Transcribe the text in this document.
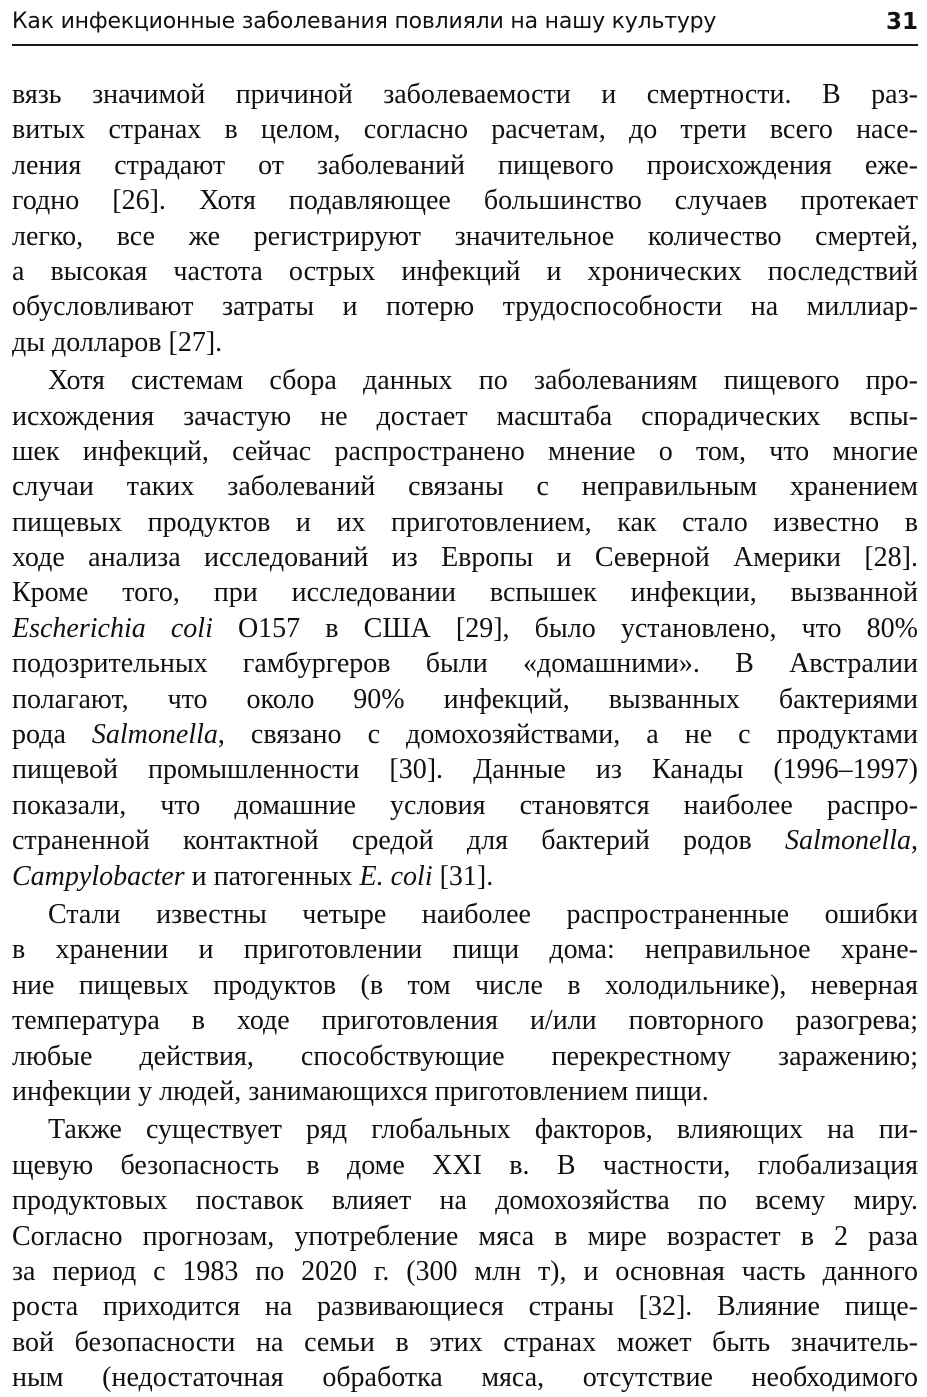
Как инфекционные заболевания повлияли на нашу культуру	31

вязь значимой причиной заболеваемости и смертности. В раз-
витых странах в целом, согласно расчетам, до трети всего насе-
ления страдают от заболеваний пищевого происхождения еже-
годно [26]. Хотя подавляющее большинство случаев протекает
легко, все же регистрируют значительное количество смертей,
а высокая частота острых инфекций и хронических последствий
обусловливают затраты и потерю трудоспособности на миллиар-
ды долларов [27].

Хотя системам сбора данных по заболеваниям пищевого про-
исхождения зачастую не достает масштаба спорадических вспы-
шек инфекций, сейчас распространено мнение о том, что многие
случаи таких заболеваний связаны с неправильным хранением
пищевых продуктов и их приготовлением, как стало известно в
ходе анализа исследований из Европы и Северной Америки [28].
Кроме того, при исследовании вспышек инфекции, вызванной
Escherichia coli O157 в США [29], было установлено, что 80%
подозрительных гамбургеров были «домашними». В Австралии
полагают, что около 90% инфекций, вызванных бактериями
рода Salmonella, связано с домохозяйствами, а не с продуктами
пищевой промышленности [30]. Данные из Канады (1996–1997)
показали, что домашние условия становятся наиболее распро-
страненной контактной средой для бактерий родов Salmonella,
Campylobacter и патогенных E. coli [31].

Стали известны четыре наиболее распространенные ошибки
в хранении и приготовлении пищи дома: неправильное хране-
ние пищевых продуктов (в том числе в холодильнике), неверная
температура в ходе приготовления и/или повторного разогрева;
любые действия, способствующие перекрестному заражению;
инфекции у людей, занимающихся приготовлением пищи.

Также существует ряд глобальных факторов, влияющих на пи-
щевую безопасность в доме XXI в. В частности, глобализация
продуктовых поставок влияет на домохозяйства по всему миру.
Согласно прогнозам, употребление мяса в мире возрастет в 2 раза
за период с 1983 по 2020 г. (300 млн т), и основная часть данного
роста приходится на развивающиеся страны [32]. Влияние пище-
вой безопасности на семьи в этих странах может быть значитель-
ным (недостаточная обработка мяса, отсутствие необходимого
